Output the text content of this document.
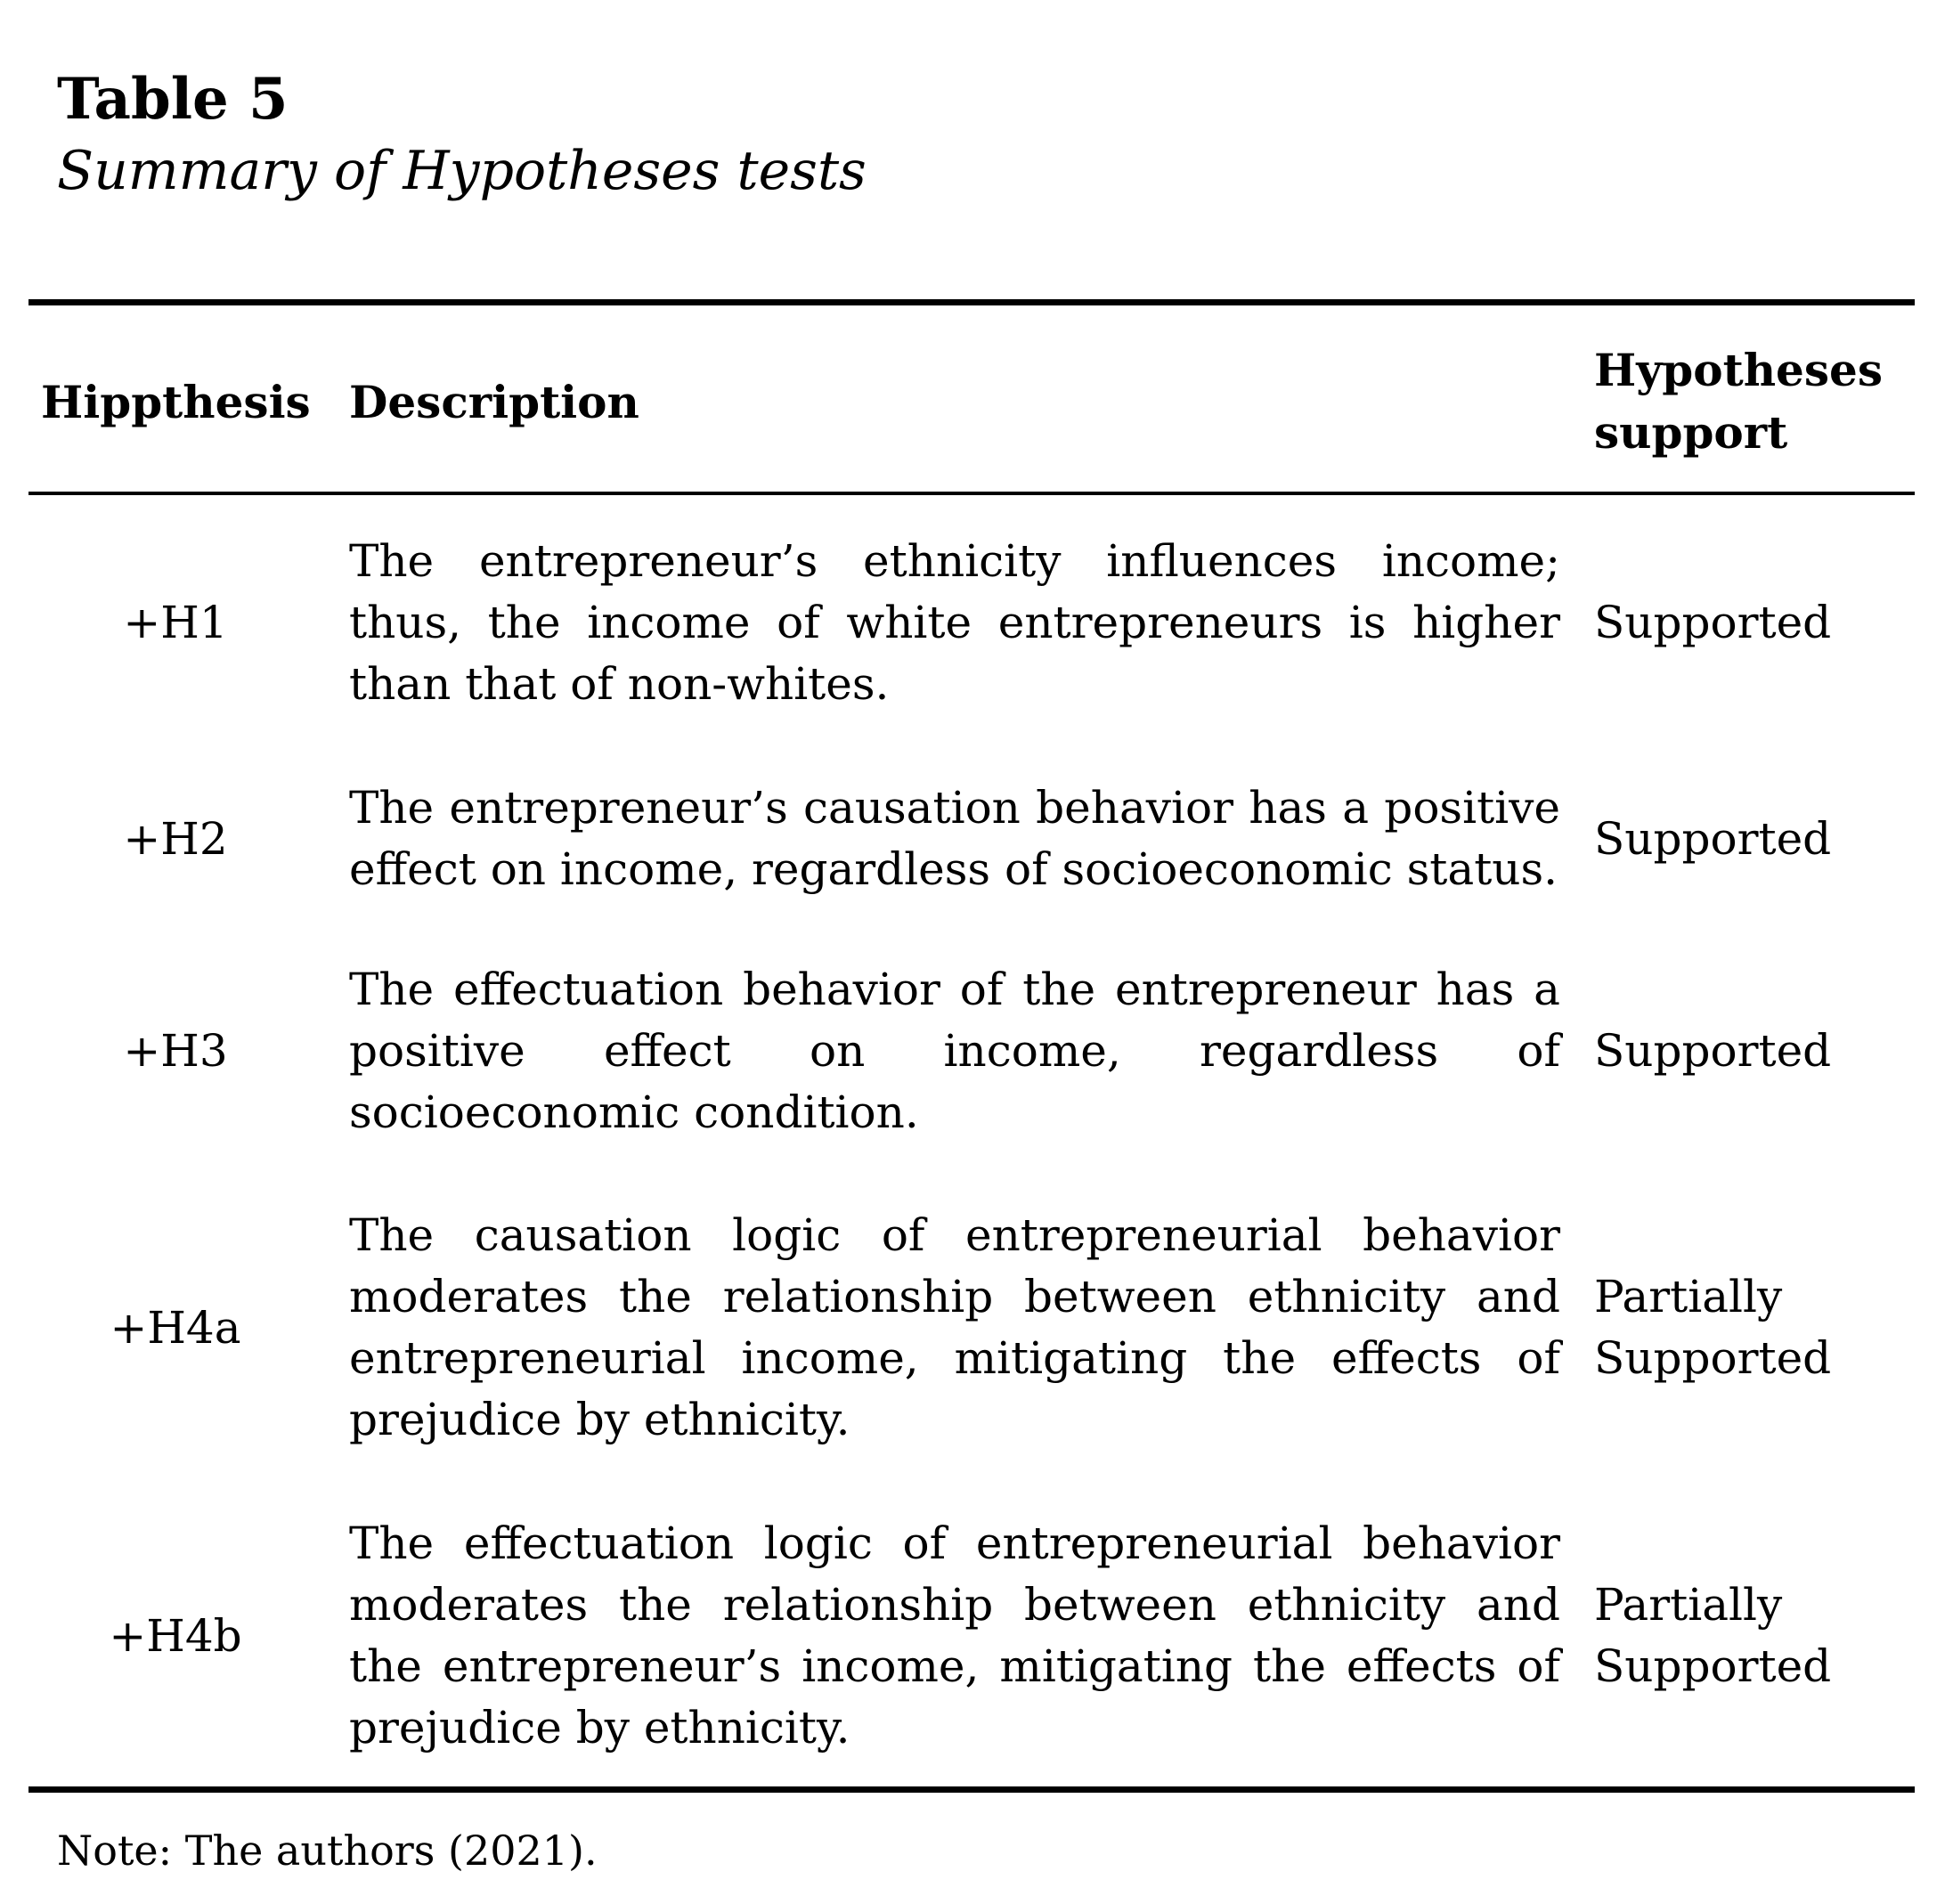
Table 5
Summary of Hypotheses tests
Hippthesis Description
Hypotheses
support
+H1
The entrepreneur’s ethnicity influences income; thus, the income of white entrepreneurs is higher than that of non-whites.
Supported
+H2
The entrepreneur’s causation behavior has a positive effect on income, regardless of socioeconomic status.
Supported
+H3
The effectuation behavior of the entrepreneur has a positive effect on income, regardless of socioeconomic condition.
Supported
+H4a
The causation logic of entrepreneurial behavior moderates the relationship between ethnicity and entrepreneurial income, mitigating the effects of prejudice by ethnicity.
Partially
Supported
+H4b
The effectuation logic of entrepreneurial behavior moderates the relationship between ethnicity and the entrepreneur’s income, mitigating the effects of prejudice by ethnicity.
Partially
Supported
Note: The authors (2021).
